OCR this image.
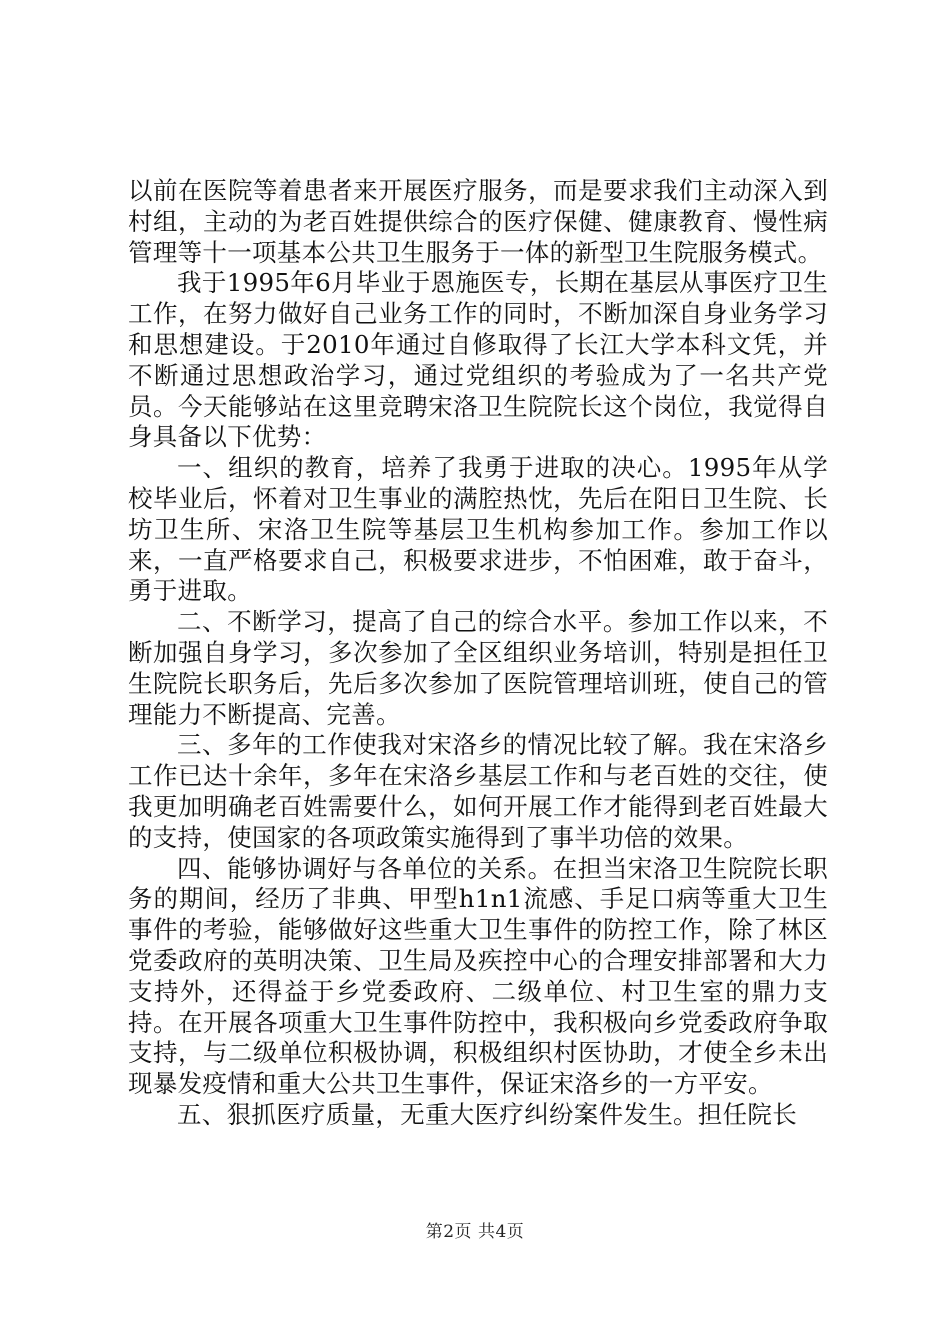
以前在医院等着患者来开展医疗服务，而是要求我们主动深入到村组，主动的为老百姓提供综合的医疗保健、健康教育、慢性病管理等十一项基本公共卫生服务于一体的新型卫生院服务模式。

我于1995年6月毕业于恩施医专，长期在基层从事医疗卫生工作，在努力做好自己业务工作的同时，不断加深自身业务学习和思想建设。于2010年通过自修取得了长江大学本科文凭，并不断通过思想政治学习，通过党组织的考验成为了一名共产党员。今天能够站在这里竞聘宋洛卫生院院长这个岗位，我觉得自身具备以下优势：

一、组织的教育，培养了我勇于进取的决心。1995年从学校毕业后，怀着对卫生事业的满腔热忱，先后在阳日卫生院、长坊卫生所、宋洛卫生院等基层卫生机构参加工作。参加工作以来，一直严格要求自己，积极要求进步，不怕困难，敢于奋斗，勇于进取。

二、不断学习，提高了自己的综合水平。参加工作以来，不断加强自身学习，多次参加了全区组织业务培训，特别是担任卫生院院长职务后，先后多次参加了医院管理培训班，使自己的管理能力不断提高、完善。

三、多年的工作使我对宋洛乡的情况比较了解。我在宋洛乡工作已达十余年，多年在宋洛乡基层工作和与老百姓的交往，使我更加明确老百姓需要什么，如何开展工作才能得到老百姓最大的支持，使国家的各项政策实施得到了事半功倍的效果。

四、能够协调好与各单位的关系。在担当宋洛卫生院院长职务的期间，经历了非典、甲型h1n1流感、手足口病等重大卫生事件的考验，能够做好这些重大卫生事件的防控工作，除了林区党委政府的英明决策、卫生局及疾控中心的合理安排部署和大力支持外，还得益于乡党委政府、二级单位、村卫生室的鼎力支持。在开展各项重大卫生事件防控中，我积极向乡党委政府争取支持，与二级单位积极协调，积极组织村医协助，才使全乡未出现暴发疫情和重大公共卫生事件，保证宋洛乡的一方平安。

五、狠抓医疗质量，无重大医疗纠纷案件发生。担任院长

第2页 共4页
